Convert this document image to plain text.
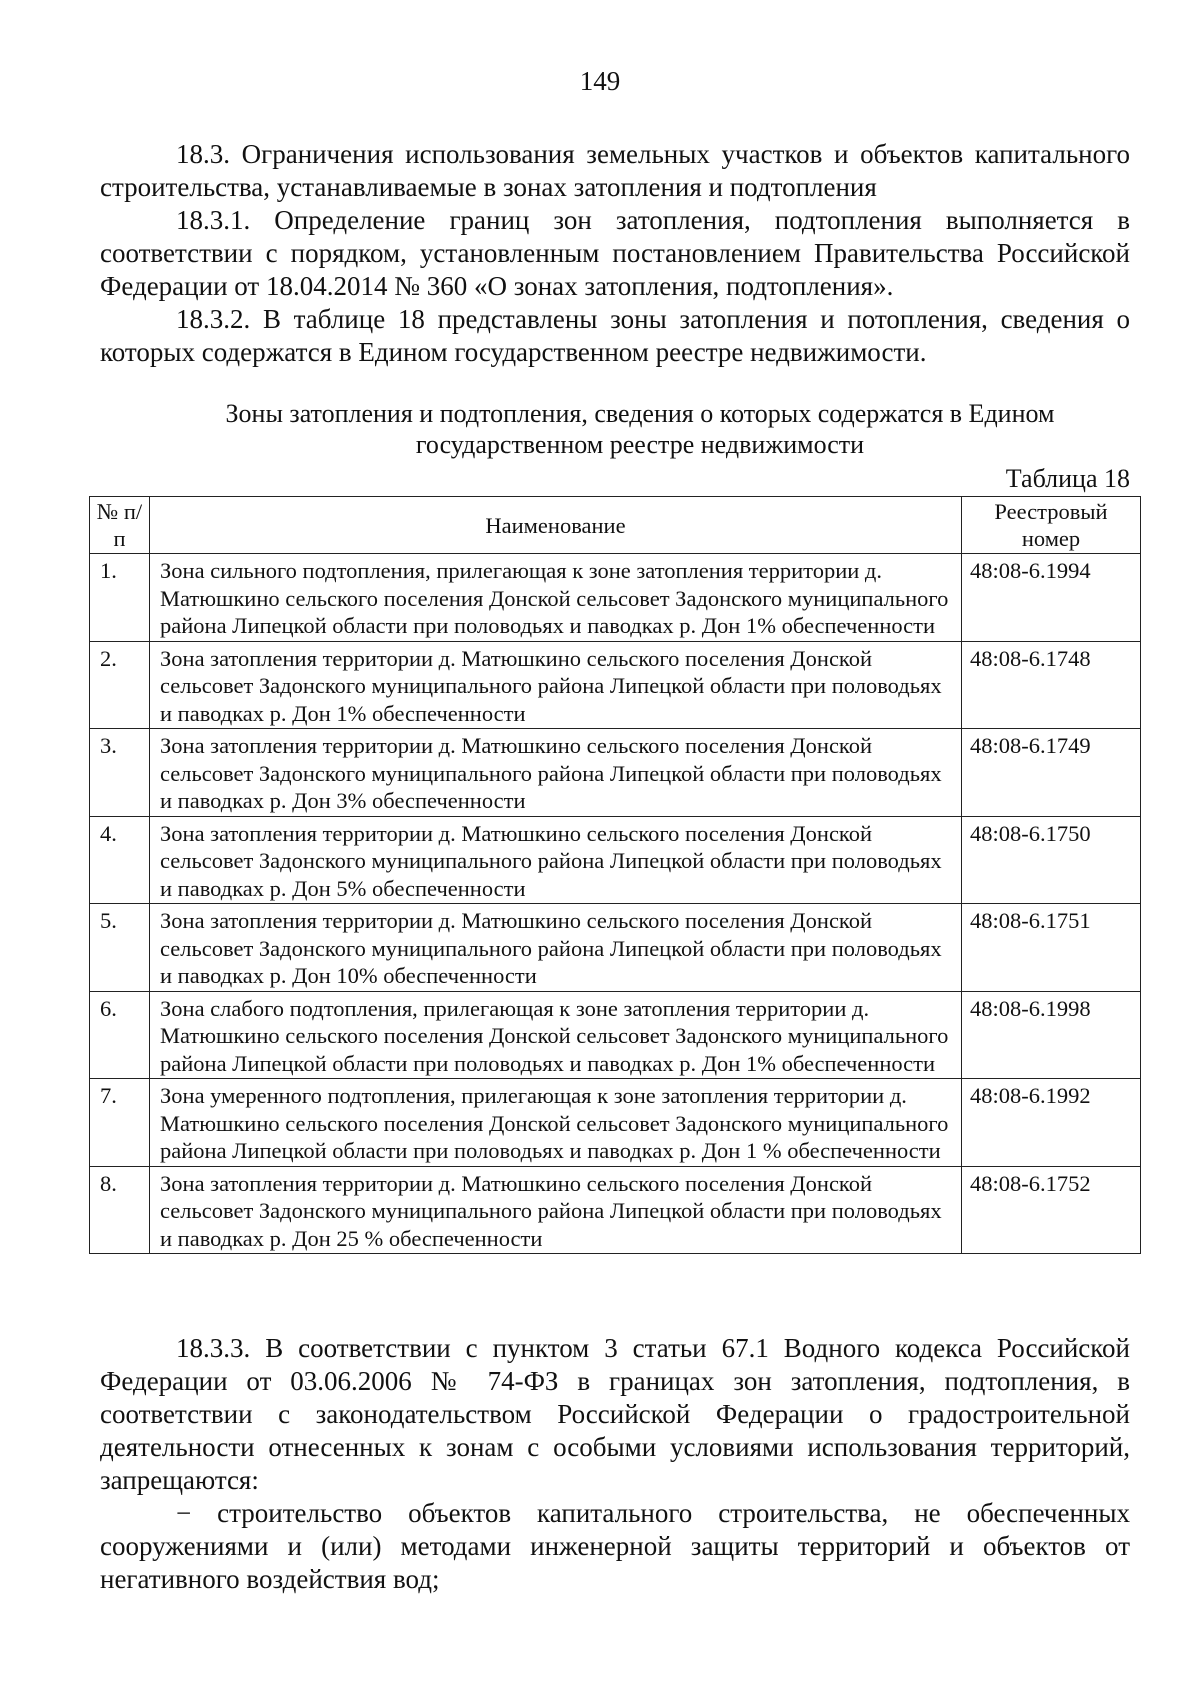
149

18.3. Ограничения использования земельных участков и объектов капитального строительства, устанавливаемые в зонах затопления и подтопления

18.3.1. Определение границ зон затопления, подтопления выполняется в соответствии с порядком, установленным постановлением Правительства Российской Федерации от 18.04.2014 № 360 «О зонах затопления, подтопления».

18.3.2. В таблице 18 представлены зоны затопления и потопления, сведения о которых содержатся в Едином государственном реестре недвижимости.

Зоны затопления и подтопления, сведения о которых содержатся в Едином государственном реестре недвижимости
Таблица 18
№ п/п	Наименование	Реестровый номер
1.	Зона сильного подтопления, прилегающая к зоне затопления территории д. Матюшкино сельского поселения Донской сельсовет Задонского муниципального района Липецкой области при половодьях и паводках р. Дон 1% обеспеченности	48:08-6.1994
2.	Зона затопления территории д. Матюшкино сельского поселения Донской сельсовет Задонского муниципального района Липецкой области при половодьях и паводках р. Дон 1% обеспеченности	48:08-6.1748
3.	Зона затопления территории д. Матюшкино сельского поселения Донской сельсовет Задонского муниципального района Липецкой области при половодьях и паводках р. Дон 3% обеспеченности	48:08-6.1749
4.	Зона затопления территории д. Матюшкино сельского поселения Донской сельсовет Задонского муниципального района Липецкой области при половодьях и паводках р. Дон 5% обеспеченности	48:08-6.1750
5.	Зона затопления территории д. Матюшкино сельского поселения Донской сельсовет Задонского муниципального района Липецкой области при половодьях и паводках р. Дон 10% обеспеченности	48:08-6.1751
6.	Зона слабого подтопления, прилегающая к зоне затопления территории д. Матюшкино сельского поселения Донской сельсовет Задонского муниципального района Липецкой области при половодьях и паводках р. Дон 1% обеспеченности	48:08-6.1998
7.	Зона умеренного подтопления, прилегающая к зоне затопления территории д. Матюшкино сельского поселения Донской сельсовет Задонского муниципального района Липецкой области при половодьях и паводках р. Дон 1 % обеспеченности	48:08-6.1992
8.	Зона затопления территории д. Матюшкино сельского поселения Донской сельсовет Задонского муниципального района Липецкой области при половодьях и паводках р. Дон 25 % обеспеченности	48:08-6.1752

18.3.3. В соответствии с пунктом 3 статьи 67.1 Водного кодекса Российской Федерации от 03.06.2006 № 74-ФЗ в границах зон затопления, подтопления, в соответствии с законодательством Российской Федерации о градостроительной деятельности отнесенных к зонам с особыми условиями использования территорий, запрещаются:

− строительство объектов капитального строительства, не обеспеченных сооружениями и (или) методами инженерной защиты территорий и объектов от негативного воздействия вод;
